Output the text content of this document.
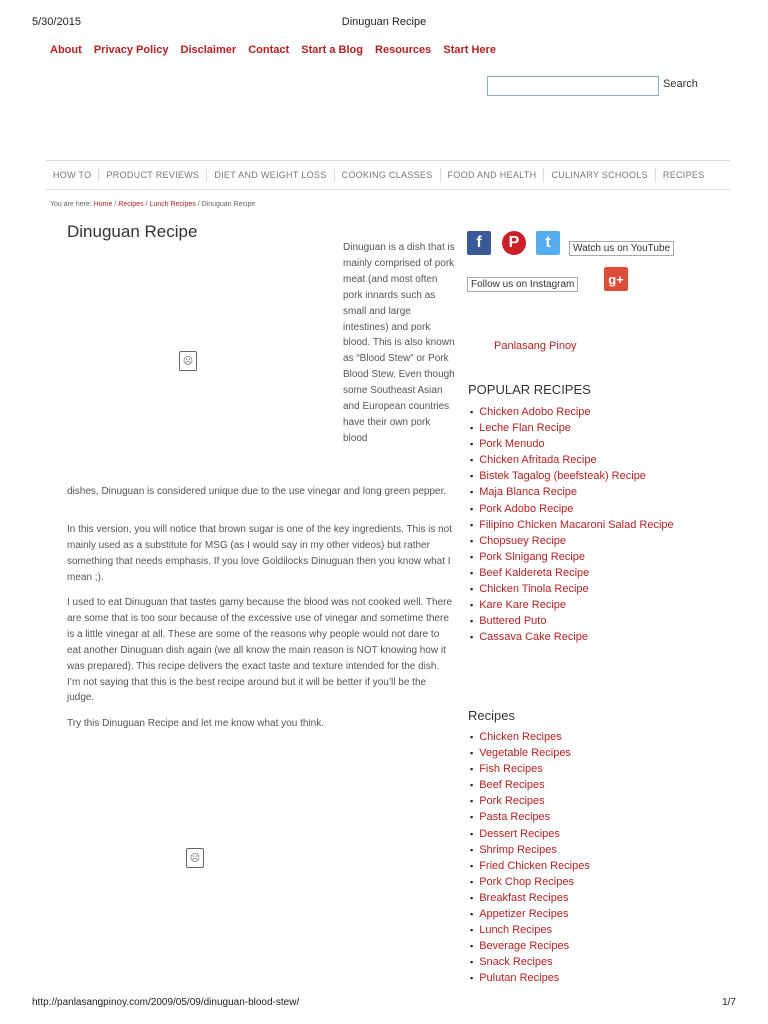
5/30/2015	Dinuguan Recipe
About Privacy Policy Disclaimer Contact Start a Blog Resources Start Here
Search
HOW TO	PRODUCT REVIEWS	DIET AND WEIGHT LOSS	COOKING CLASSES	FOOD AND HEALTH	CULINARY SCHOOLS	RECIPES
You are here: Home / Recipes / Lunch Recipes / Dinuguan Recipe
Dinuguan Recipe
☹
Dinuguan is a dish that is mainly comprised of pork meat (and most often pork innards such as small and large intestines) and pork blood. This is also known as “Blood Stew” or Pork Blood Stew. Even though some Southeast Asian and European countries have their own pork blood
dishes, Dinuguan is considered unique due to the use vinegar and long green pepper.
In this version, you will notice that brown sugar is one of the key ingredients. This is not mainly used as a substitute for MSG (as I would say in my other videos) but rather something that needs emphasis. If you love Goldilocks Dinuguan then you know what I mean ;).
I used to eat Dinuguan that tastes gamy because the blood was not cooked well. There are some that is too sour because of the excessive use of vinegar and sometime there is a little vinegar at all. These are some of the reasons why people would not dare to eat another Dinuguan dish again (we all know the main reason is NOT knowing how it was prepared). This recipe delivers the exact taste and texture intended for the dish. I’m not saying that this is the best recipe around but it will be better if you’ll be the judge.
Try this Dinuguan Recipe and let me know what you think.
☹
f	P	t	Watch us on YouTube
Follow us on Instagram	g+
Panlasang Pinoy
POPULAR RECIPES
▪ Chicken Adobo Recipe
▪ Leche Flan Recipe
▪ Pork Menudo
▪ Chicken Afritada Recipe
▪ Bistek Tagalog (beefsteak) Recipe
▪ Maja Blanca Recipe
▪ Pork Adobo Recipe
▪ Filipino Chicken Macaroni Salad Recipe
▪ Chopsuey Recipe
▪ Pork Sinigang Recipe
▪ Beef Kaldereta Recipe
▪ Chicken Tinola Recipe
▪ Kare Kare Recipe
▪ Buttered Puto
▪ Cassava Cake Recipe
Recipes
▪ Chicken Recipes
▪ Vegetable Recipes
▪ Fish Recipes
▪ Beef Recipes
▪ Pork Recipes
▪ Pasta Recipes
▪ Dessert Recipes
▪ Shrimp Recipes
▪ Fried Chicken Recipes
▪ Pork Chop Recipes
▪ Breakfast Recipes
▪ Appetizer Recipes
▪ Lunch Recipes
▪ Beverage Recipes
▪ Snack Recipes
▪ Pulutan Recipes
http://panlasangpinoy.com/2009/05/09/dinuguan-blood-stew/	1/7
